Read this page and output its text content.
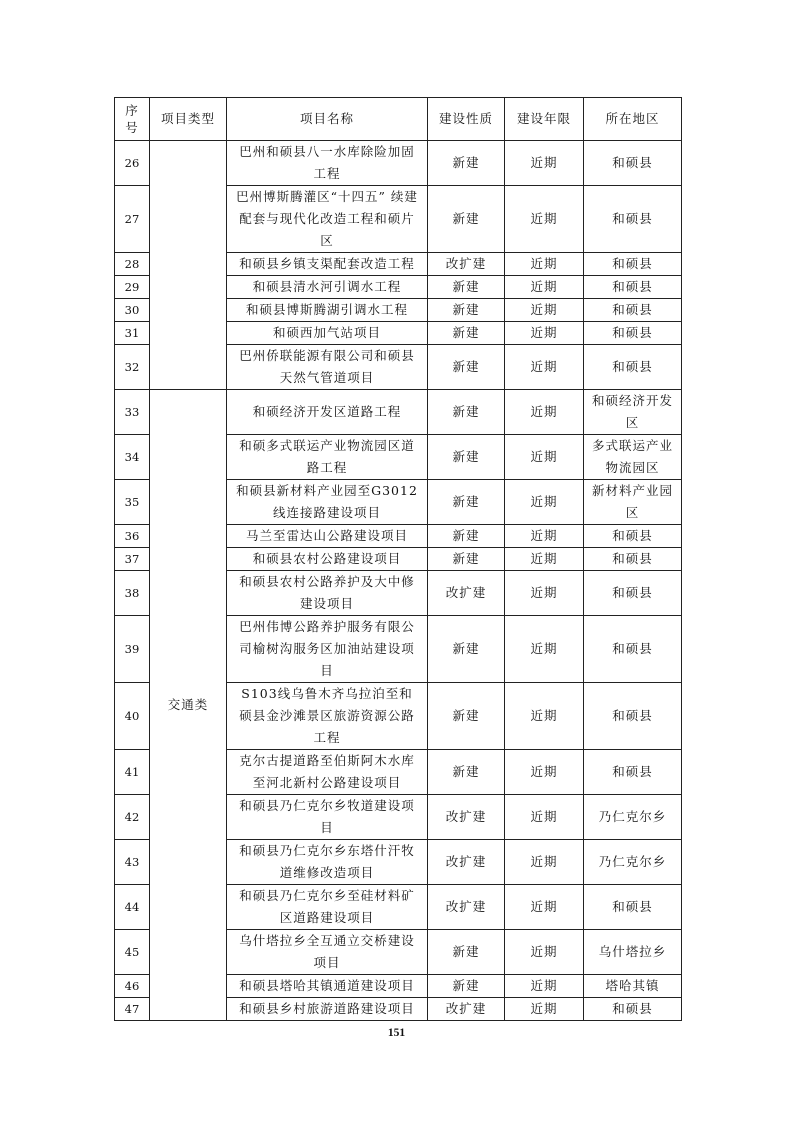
序号	项目类型	项目名称	建设性质	建设年限	所在地区
26		巴州和硕县八一水库除险加固工程	新建	近期	和硕县
27		巴州博斯腾灌区“十四五” 续建配套与现代化改造工程和硕片区	新建	近期	和硕县
28		和硕县乡镇支渠配套改造工程	改扩建	近期	和硕县
29		和硕县清水河引调水工程	新建	近期	和硕县
30		和硕县博斯腾湖引调水工程	新建	近期	和硕县
31		和硕西加气站项目	新建	近期	和硕县
32		巴州侨联能源有限公司和硕县天然气管道项目	新建	近期	和硕县
33	交通类	和硕经济开发区道路工程	新建	近期	和硕经济开发区
34		和硕多式联运产业物流园区道路工程	新建	近期	多式联运产业物流园区
35		和硕县新材料产业园至G3012线连接路建设项目	新建	近期	新材料产业园区
36		马兰至雷达山公路建设项目	新建	近期	和硕县
37		和硕县农村公路建设项目	新建	近期	和硕县
38		和硕县农村公路养护及大中修建设项目	改扩建	近期	和硕县
39		巴州伟博公路养护服务有限公司榆树沟服务区加油站建设项目	新建	近期	和硕县
40		S103线乌鲁木齐乌拉泊至和硕县金沙滩景区旅游资源公路工程	新建	近期	和硕县
41		克尔古提道路至伯斯阿木水库至河北新村公路建设项目	新建	近期	和硕县
42		和硕县乃仁克尔乡牧道建设项目	改扩建	近期	乃仁克尔乡
43		和硕县乃仁克尔乡东塔什汗牧道维修改造项目	改扩建	近期	乃仁克尔乡
44		和硕县乃仁克尔乡至硅材料矿区道路建设项目	改扩建	近期	和硕县
45		乌什塔拉乡全互通立交桥建设项目	新建	近期	乌什塔拉乡
46		和硕县塔哈其镇通道建设项目	新建	近期	塔哈其镇
47		和硕县乡村旅游道路建设项目	改扩建	近期	和硕县
151
